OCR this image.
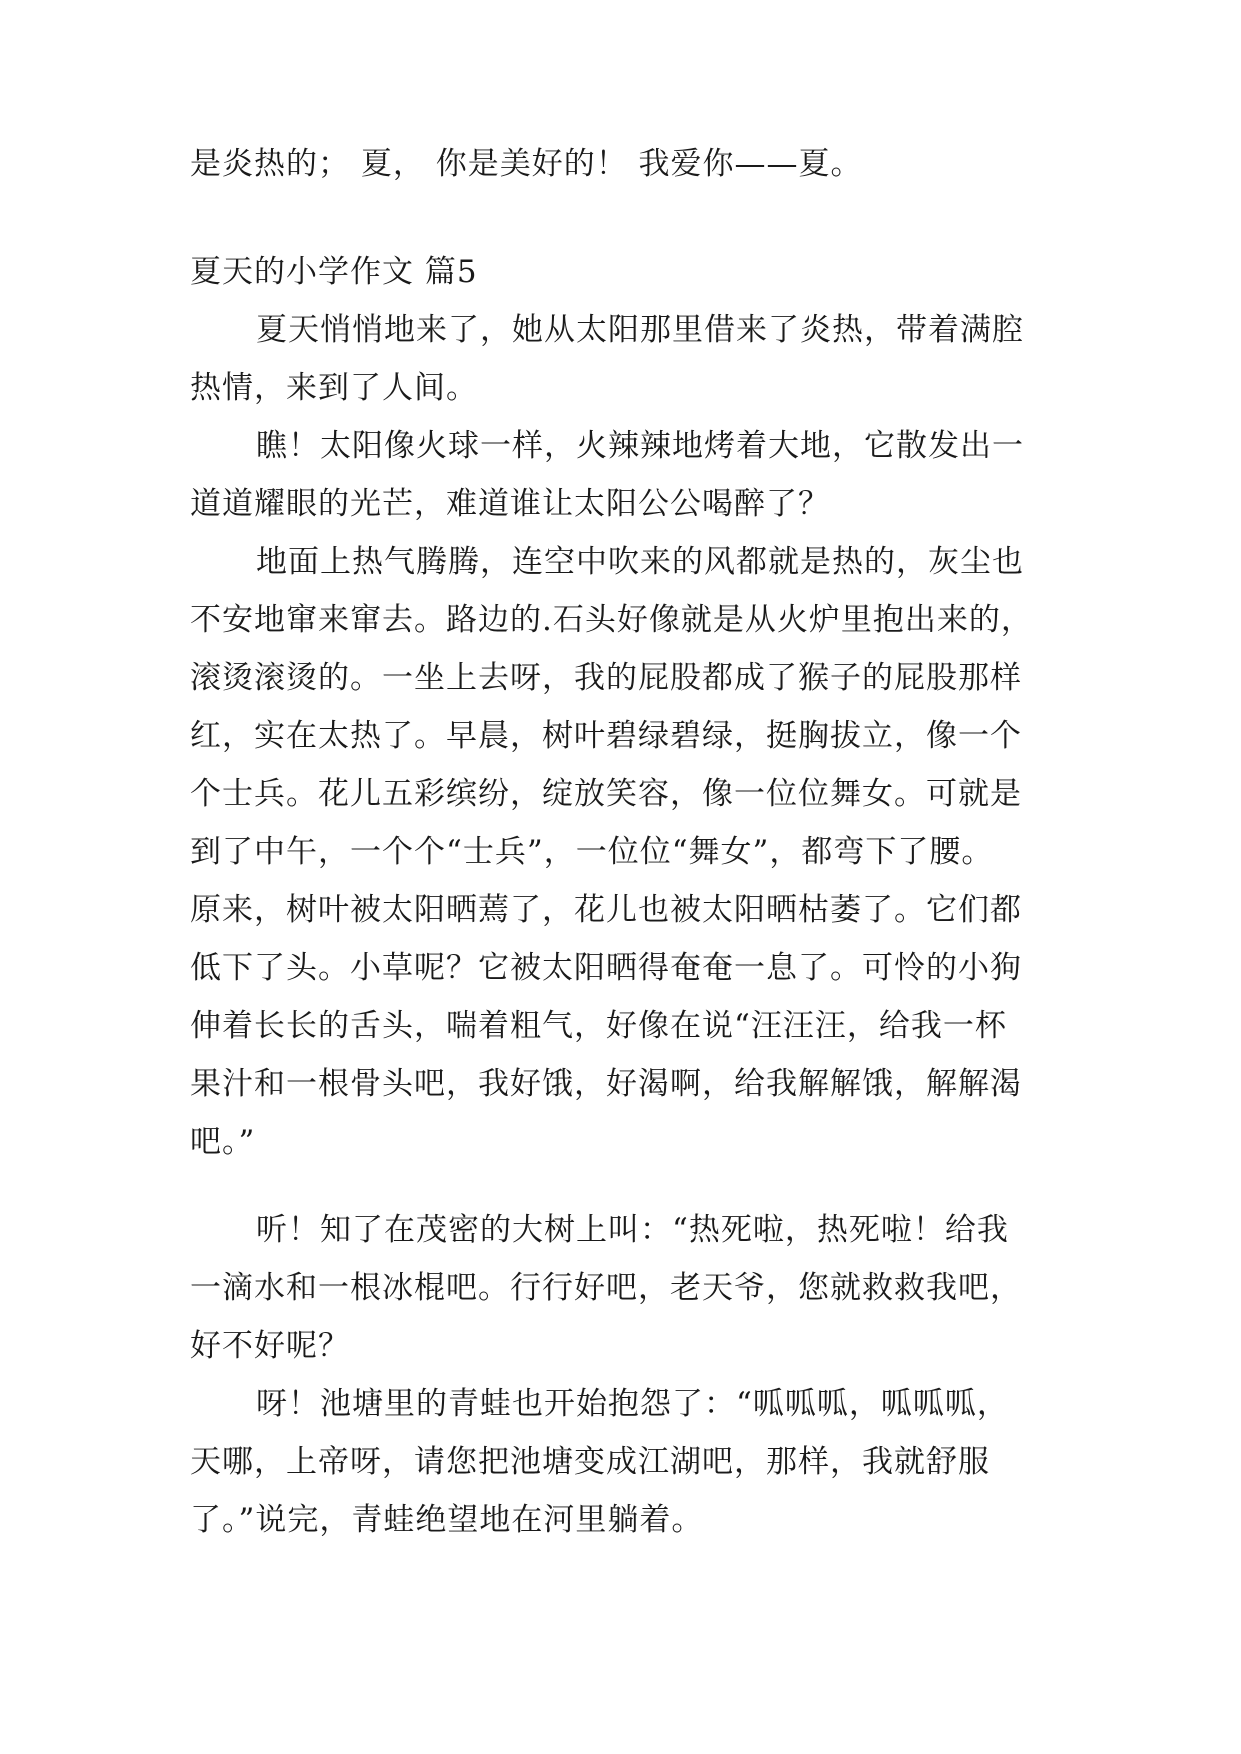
是炎热的； 夏， 你是美好的！ 我爱你——夏。
夏天的小学作文 篇5
夏天悄悄地来了，她从太阳那里借来了炎热，带着满腔
热情，来到了人间。
瞧！太阳像火球一样，火辣辣地烤着大地，它散发出一
道道耀眼的光芒，难道谁让太阳公公喝醉了？
地面上热气腾腾，连空中吹来的风都就是热的，灰尘也
不安地窜来窜去。路边的.石头好像就是从火炉里抱出来的，
滚烫滚烫的。一坐上去呀，我的屁股都成了猴子的屁股那样
红，实在太热了。早晨，树叶碧绿碧绿，挺胸拔立，像一个
个士兵。花儿五彩缤纷，绽放笑容，像一位位舞女。可就是
到了中午，一个个“士兵”，一位位“舞女”，都弯下了腰。
原来，树叶被太阳晒蔫了，花儿也被太阳晒枯萎了。它们都
低下了头。小草呢？它被太阳晒得奄奄一息了。可怜的小狗
伸着长长的舌头，喘着粗气，好像在说“汪汪汪，给我一杯
果汁和一根骨头吧，我好饿，好渴啊，给我解解饿，解解渴
吧。”
听！知了在茂密的大树上叫：“热死啦，热死啦！给我
一滴水和一根冰棍吧。行行好吧，老天爷，您就救救我吧，
好不好呢？
呀！池塘里的青蛙也开始抱怨了：“呱呱呱，呱呱呱，
天哪，上帝呀，请您把池塘变成江湖吧，那样，我就舒服
了。”说完，青蛙绝望地在河里躺着。
